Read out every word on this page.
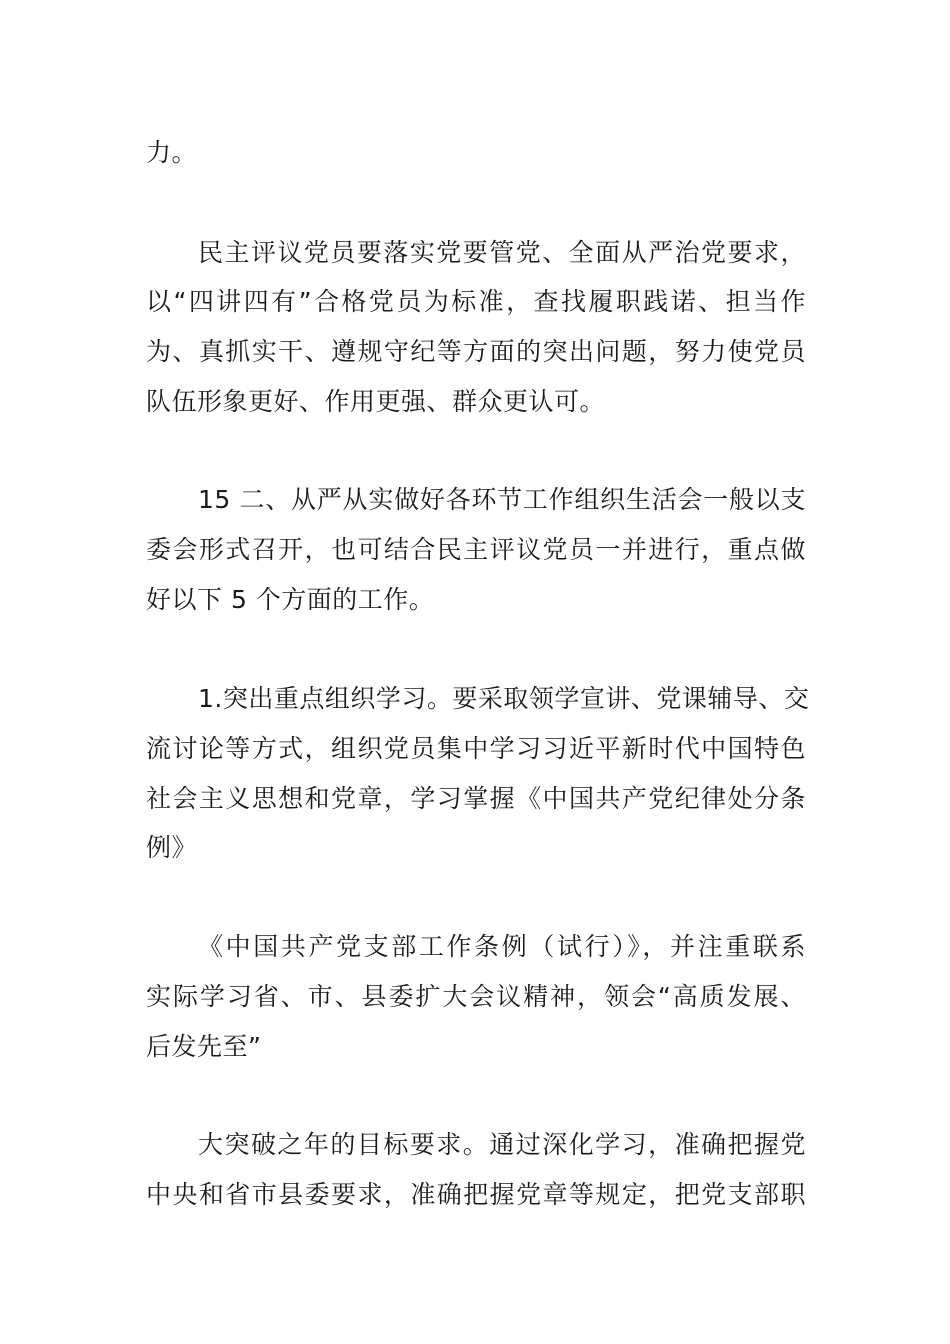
力。
民主评议党员要落实党要管党、全面从严治党要求，
以“四讲四有”合格党员为标准，查找履职践诺、担当作
为、真抓实干、遵规守纪等方面的突出问题，努力使党员
队伍形象更好、作用更强、群众更认可。
15 二、从严从实做好各环节工作组织生活会一般以支
委会形式召开，也可结合民主评议党员一并进行，重点做
好以下 5 个方面的工作。
1.突出重点组织学习。要采取领学宣讲、党课辅导、交
流讨论等方式，组织党员集中学习习近平新时代中国特色
社会主义思想和党章，学习掌握《中国共产党纪律处分条
例》
《中国共产党支部工作条例（试行）》，并注重联系
实际学习省、市、县委扩大会议精神，领会“高质发展、
后发先至”
大突破之年的目标要求。通过深化学习，准确把握党
中央和省市县委要求，准确把握党章等规定，把党支部职
